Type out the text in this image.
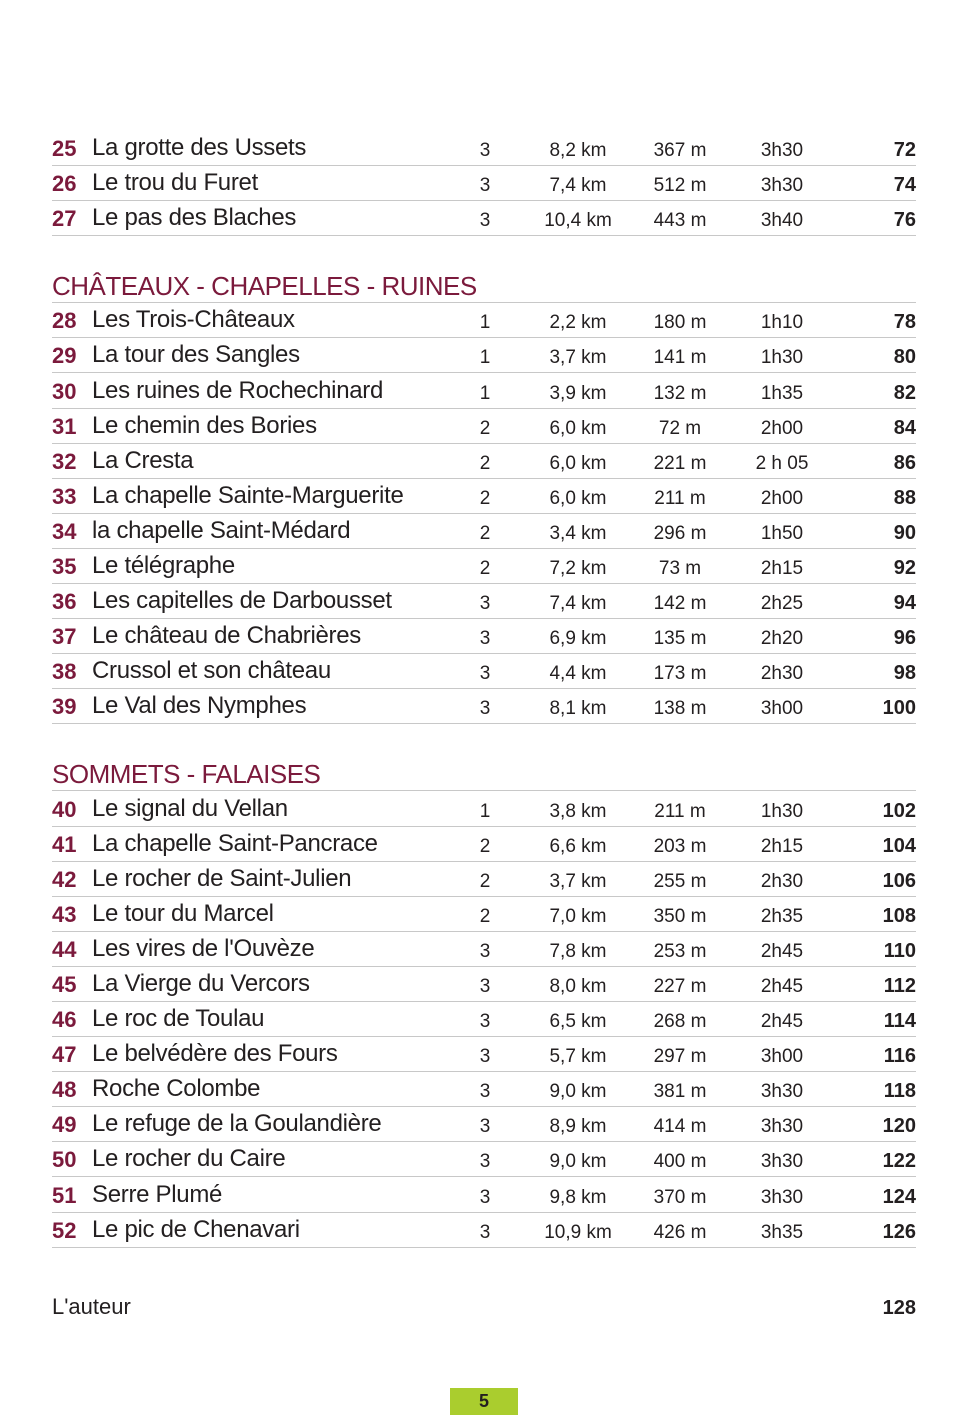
25 La grotte des Ussets	3	8,2 km	367 m	3h30	72
26 Le trou du Furet	3	7,4 km	512 m	3h30	74
27 Le pas des Blaches	3	10,4 km	443 m	3h40	76
CHÂTEAUX - CHAPELLES - RUINES
28 Les Trois-Châteaux	1	2,2 km	180 m	1h10	78
29 La tour des Sangles	1	3,7 km	141 m	1h30	80
30 Les ruines de Rochechinard	1	3,9 km	132 m	1h35	82
31 Le chemin des Bories	2	6,0 km	72 m	2h00	84
32 La Cresta	2	6,0 km	221 m	2 h 05	86
33 La chapelle Sainte-Marguerite	2	6,0 km	211 m	2h00	88
34 la chapelle Saint-Médard	2	3,4 km	296 m	1h50	90
35 Le télégraphe	2	7,2 km	73 m	2h15	92
36 Les capitelles de Darbousset	3	7,4 km	142 m	2h25	94
37 Le château de Chabrières	3	6,9 km	135 m	2h20	96
38 Crussol et son château	3	4,4 km	173 m	2h30	98
39 Le Val des Nymphes	3	8,1 km	138 m	3h00	100
SOMMETS - FALAISES
40 Le signal du Vellan	1	3,8 km	211 m	1h30	102
41 La chapelle Saint-Pancrace	2	6,6 km	203 m	2h15	104
42 Le rocher de Saint-Julien	2	3,7 km	255 m	2h30	106
43 Le tour du Marcel	2	7,0 km	350 m	2h35	108
44 Les vires de l'Ouvèze	3	7,8 km	253 m	2h45	110
45 La Vierge du Vercors	3	8,0 km	227 m	2h45	112
46 Le roc de Toulau	3	6,5 km	268 m	2h45	114
47 Le belvédère des Fours	3	5,7 km	297 m	3h00	116
48 Roche Colombe	3	9,0 km	381 m	3h30	118
49 Le refuge de la Goulandière	3	8,9 km	414 m	3h30	120
50 Le rocher du Caire	3	9,0 km	400 m	3h30	122
51 Serre Plumé	3	9,8 km	370 m	3h30	124
52 Le pic de Chenavari	3	10,9 km	426 m	3h35	126
L'auteur	128
5
